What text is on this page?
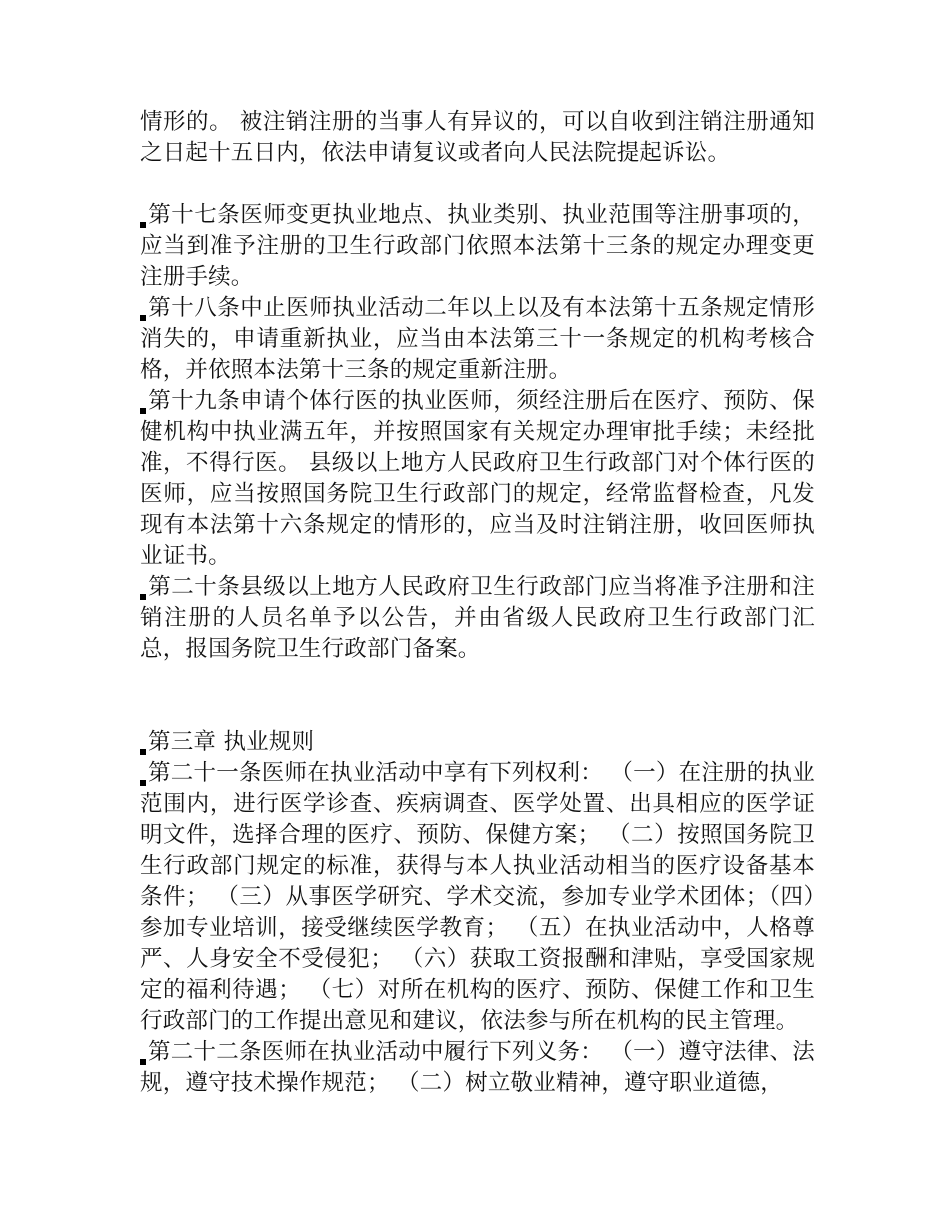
情形的。 被注销注册的当事人有异议的，可以自收到注销注册通知之日起十五日内，依法申请复议或者向人民法院提起诉讼。

第十七条医师变更执业地点、执业类别、执业范围等注册事项的，应当到准予注册的卫生行政部门依照本法第十三条的规定办理变更注册手续。

第十八条中止医师执业活动二年以上以及有本法第十五条规定情形消失的，申请重新执业，应当由本法第三十一条规定的机构考核合格，并依照本法第十三条的规定重新注册。

第十九条申请个体行医的执业医师，须经注册后在医疗、预防、保健机构中执业满五年，并按照国家有关规定办理审批手续；未经批准，不得行医。 县级以上地方人民政府卫生行政部门对个体行医的医师，应当按照国务院卫生行政部门的规定，经常监督检查，凡发现有本法第十六条规定的情形的，应当及时注销注册，收回医师执业证书。

第二十条县级以上地方人民政府卫生行政部门应当将准予注册和注销注册的人员名单予以公告，并由省级人民政府卫生行政部门汇总，报国务院卫生行政部门备案。

第三章 执业规则

第二十一条医师在执业活动中享有下列权利： （一）在注册的执业范围内，进行医学诊查、疾病调查、医学处置、出具相应的医学证明文件，选择合理的医疗、预防、保健方案； （二）按照国务院卫生行政部门规定的标准，获得与本人执业活动相当的医疗设备基本条件； （三）从事医学研究、学术交流，参加专业学术团体；（四）参加专业培训，接受继续医学教育； （五）在执业活动中，人格尊严、人身安全不受侵犯； （六）获取工资报酬和津贴，享受国家规定的福利待遇； （七）对所在机构的医疗、预防、保健工作和卫生行政部门的工作提出意见和建议，依法参与所在机构的民主管理。

第二十二条医师在执业活动中履行下列义务： （一）遵守法律、法规，遵守技术操作规范； （二）树立敬业精神，遵守职业道德，
